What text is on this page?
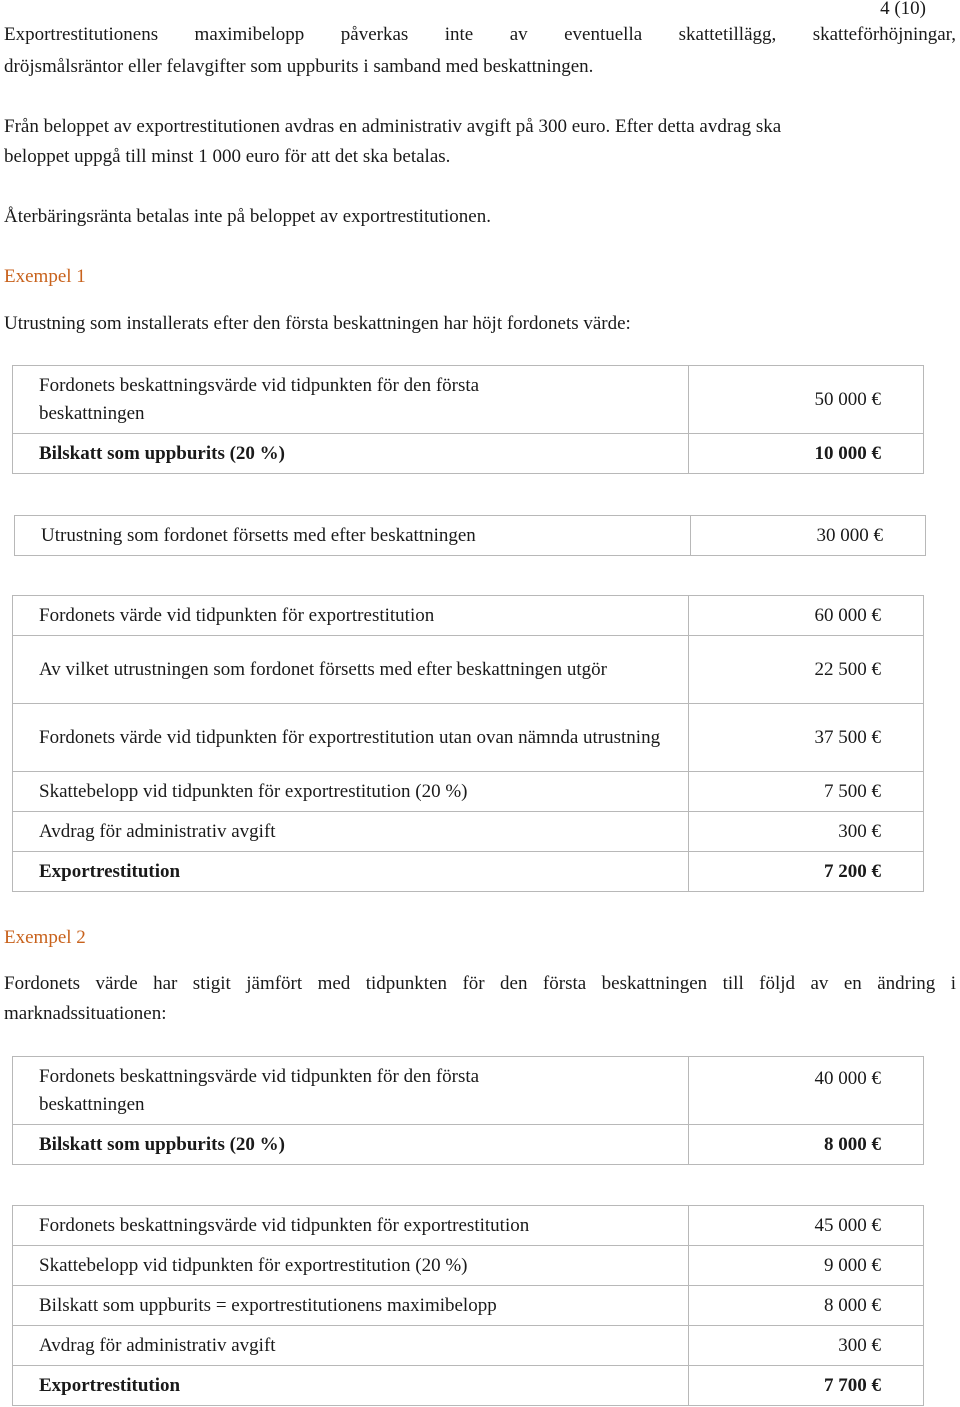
4 (10)
Exportrestitutionens maximibelopp påverkas inte av eventuella skattetillägg, skatteförhöjningar,
dröjsmålsräntor eller felavgifter som uppburits i samband med beskattningen.
Från beloppet av exportrestitutionen avdras en administrativ avgift på 300 euro. Efter detta avdrag ska
beloppet uppgå till minst 1 000 euro för att det ska betalas.
Återbäringsränta betalas inte på beloppet av exportrestitutionen.
Exempel 1
Utrustning som installerats efter den första beskattningen har höjt fordonets värde:
Fordonets beskattningsvärde vid tidpunkten för den första beskattningen	50 000 €
Bilskatt som uppburits (20 %)	10 000 €
Utrustning som fordonet försetts med efter beskattningen	30 000 €
Fordonets värde vid tidpunkten för exportrestitution	60 000 €
Av vilket utrustningen som fordonet försetts med efter beskattningen utgör	22 500 €
Fordonets värde vid tidpunkten för exportrestitution utan ovan nämnda utrustning	37 500 €
Skattebelopp vid tidpunkten för exportrestitution (20 %)	7 500 €
Avdrag för administrativ avgift	300 €
Exportrestitution	7 200 €
Exempel 2
Fordonets värde har stigit jämfört med tidpunkten för den första beskattningen till följd av en ändring i
marknadssituationen:
Fordonets beskattningsvärde vid tidpunkten för den första beskattningen	40 000 €
Bilskatt som uppburits (20 %)	8 000 €
Fordonets beskattningsvärde vid tidpunkten för exportrestitution	45 000 €
Skattebelopp vid tidpunkten för exportrestitution (20 %)	9 000 €
Bilskatt som uppburits = exportrestitutionens maximibelopp	8 000 €
Avdrag för administrativ avgift	300 €
Exportrestitution	7 700 €
